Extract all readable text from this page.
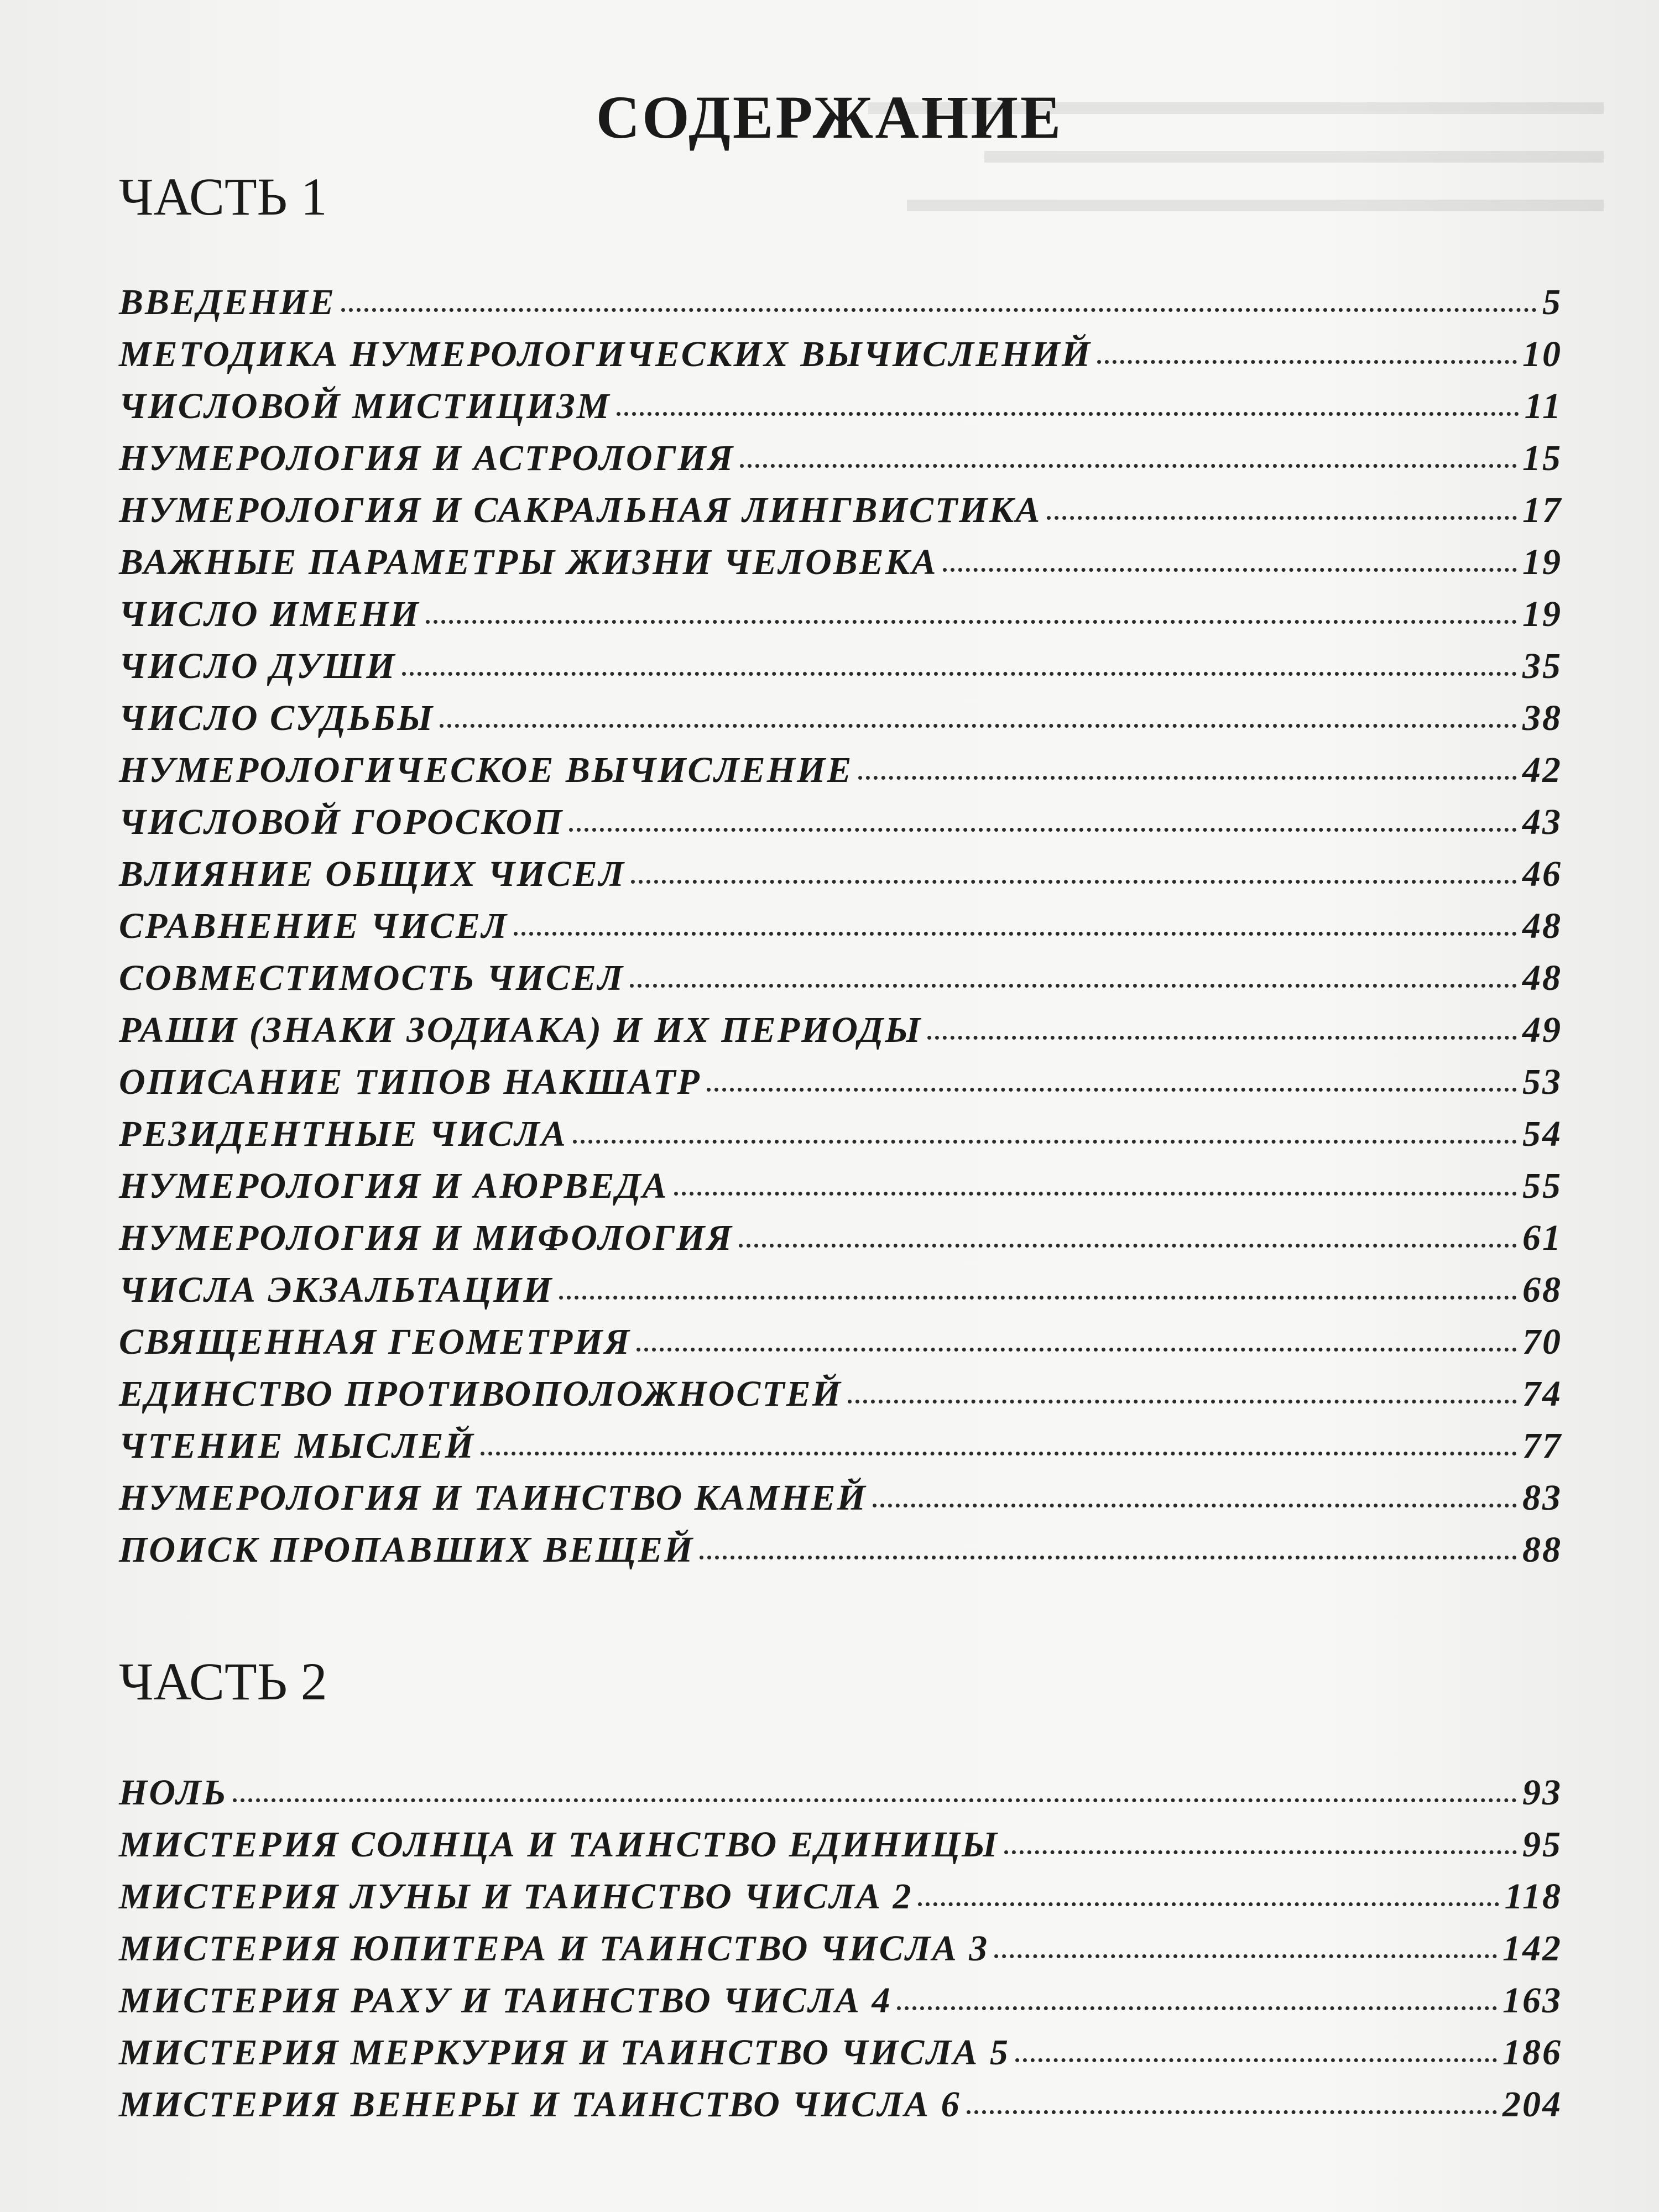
▬▬▬▬▬▬▬▬▬▬▬▬▬▬▬▬▬▬▬
▬▬▬▬▬▬▬▬▬▬▬▬▬▬▬▬
▬▬▬▬▬▬▬▬▬▬▬▬▬▬▬▬▬▬
СОДЕРЖАНИЕ
ЧАСТЬ 1
ВВЕДЕНИЕ	5
МЕТОДИКА НУМЕРОЛОГИЧЕСКИХ ВЫЧИСЛЕНИЙ	10
ЧИСЛОВОЙ МИСТИЦИЗМ	11
НУМЕРОЛОГИЯ И АСТРОЛОГИЯ	15
НУМЕРОЛОГИЯ И САКРАЛЬНАЯ ЛИНГВИСТИКА	17
ВАЖНЫЕ ПАРАМЕТРЫ ЖИЗНИ ЧЕЛОВЕКА	19
ЧИСЛО ИМЕНИ	19
ЧИСЛО ДУШИ	35
ЧИСЛО СУДЬБЫ	38
НУМЕРОЛОГИЧЕСКОЕ ВЫЧИСЛЕНИЕ	42
ЧИСЛОВОЙ ГОРОСКОП	43
ВЛИЯНИЕ ОБЩИХ ЧИСЕЛ	46
СРАВНЕНИЕ ЧИСЕЛ	48
СОВМЕСТИМОСТЬ ЧИСЕЛ	48
РАШИ (ЗНАКИ ЗОДИАКА) И ИХ ПЕРИОДЫ	49
ОПИСАНИЕ ТИПОВ НАКШАТР	53
РЕЗИДЕНТНЫЕ ЧИСЛА	54
НУМЕРОЛОГИЯ И АЮРВЕДА	55
НУМЕРОЛОГИЯ И МИФОЛОГИЯ	61
ЧИСЛА ЭКЗАЛЬТАЦИИ	68
СВЯЩЕННАЯ ГЕОМЕТРИЯ	70
ЕДИНСТВО ПРОТИВОПОЛОЖНОСТЕЙ	74
ЧТЕНИЕ МЫСЛЕЙ	77
НУМЕРОЛОГИЯ И ТАИНСТВО КАМНЕЙ	83
ПОИСК ПРОПАВШИХ ВЕЩЕЙ	88
ЧАСТЬ 2
НОЛЬ	93
МИСТЕРИЯ СОЛНЦА И ТАИНСТВО ЕДИНИЦЫ	95
МИСТЕРИЯ ЛУНЫ И ТАИНСТВО ЧИСЛА 2	118
МИСТЕРИЯ ЮПИТЕРА И ТАИНСТВО ЧИСЛА 3	142
МИСТЕРИЯ РАХУ И ТАИНСТВО ЧИСЛА 4	163
МИСТЕРИЯ МЕРКУРИЯ И ТАИНСТВО ЧИСЛА 5	186
МИСТЕРИЯ ВЕНЕРЫ И ТАИНСТВО ЧИСЛА 6	204
